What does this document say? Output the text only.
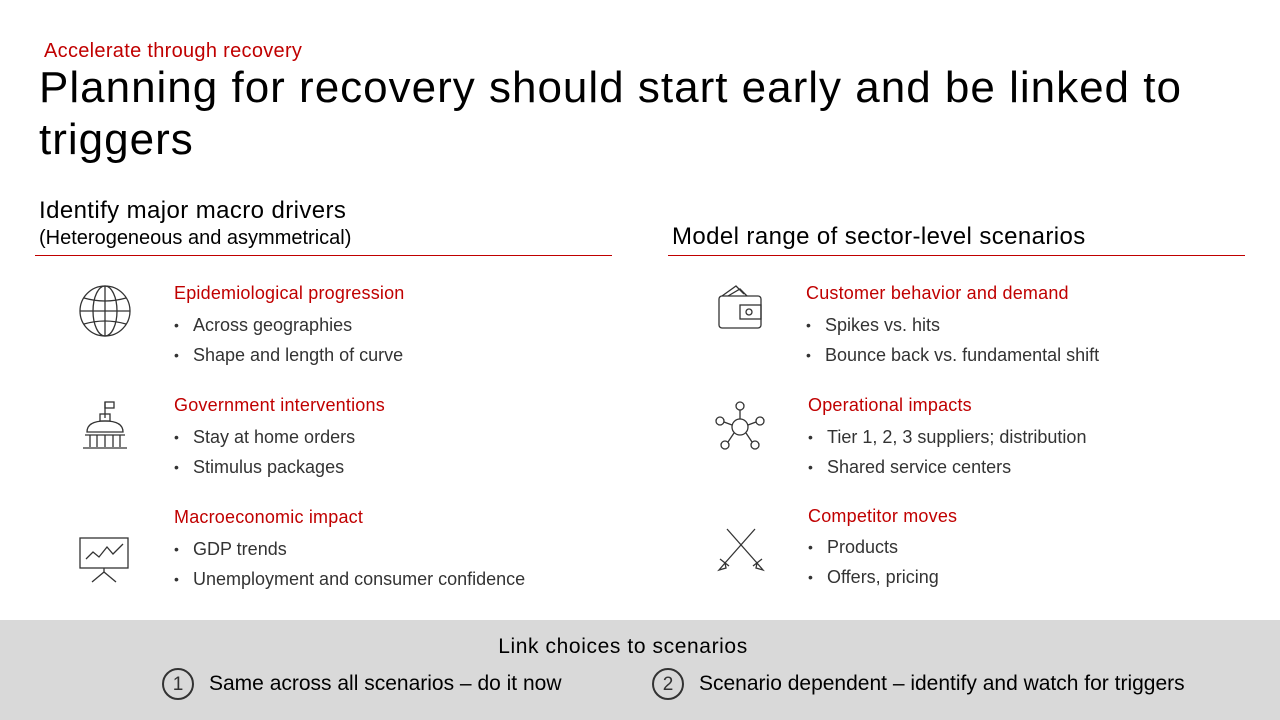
Accelerate through recovery
Planning for recovery should start early and be linked to triggers
Identify major macro drivers
(Heterogeneous and asymmetrical)
Epidemiological progression
• Across geographies
• Shape and length of curve
Government interventions
• Stay at home orders
• Stimulus packages
Macroeconomic impact
• GDP trends
• Unemployment and consumer confidence
Model range of sector-level scenarios
Customer behavior and demand
• Spikes vs. hits
• Bounce back vs. fundamental shift
Operational impacts
• Tier 1, 2, 3 suppliers; distribution
• Shared service centers
Competitor moves
• Products
• Offers, pricing
Link choices to scenarios
1	Same across all scenarios – do it now	2	Scenario dependent – identify and watch for triggers
